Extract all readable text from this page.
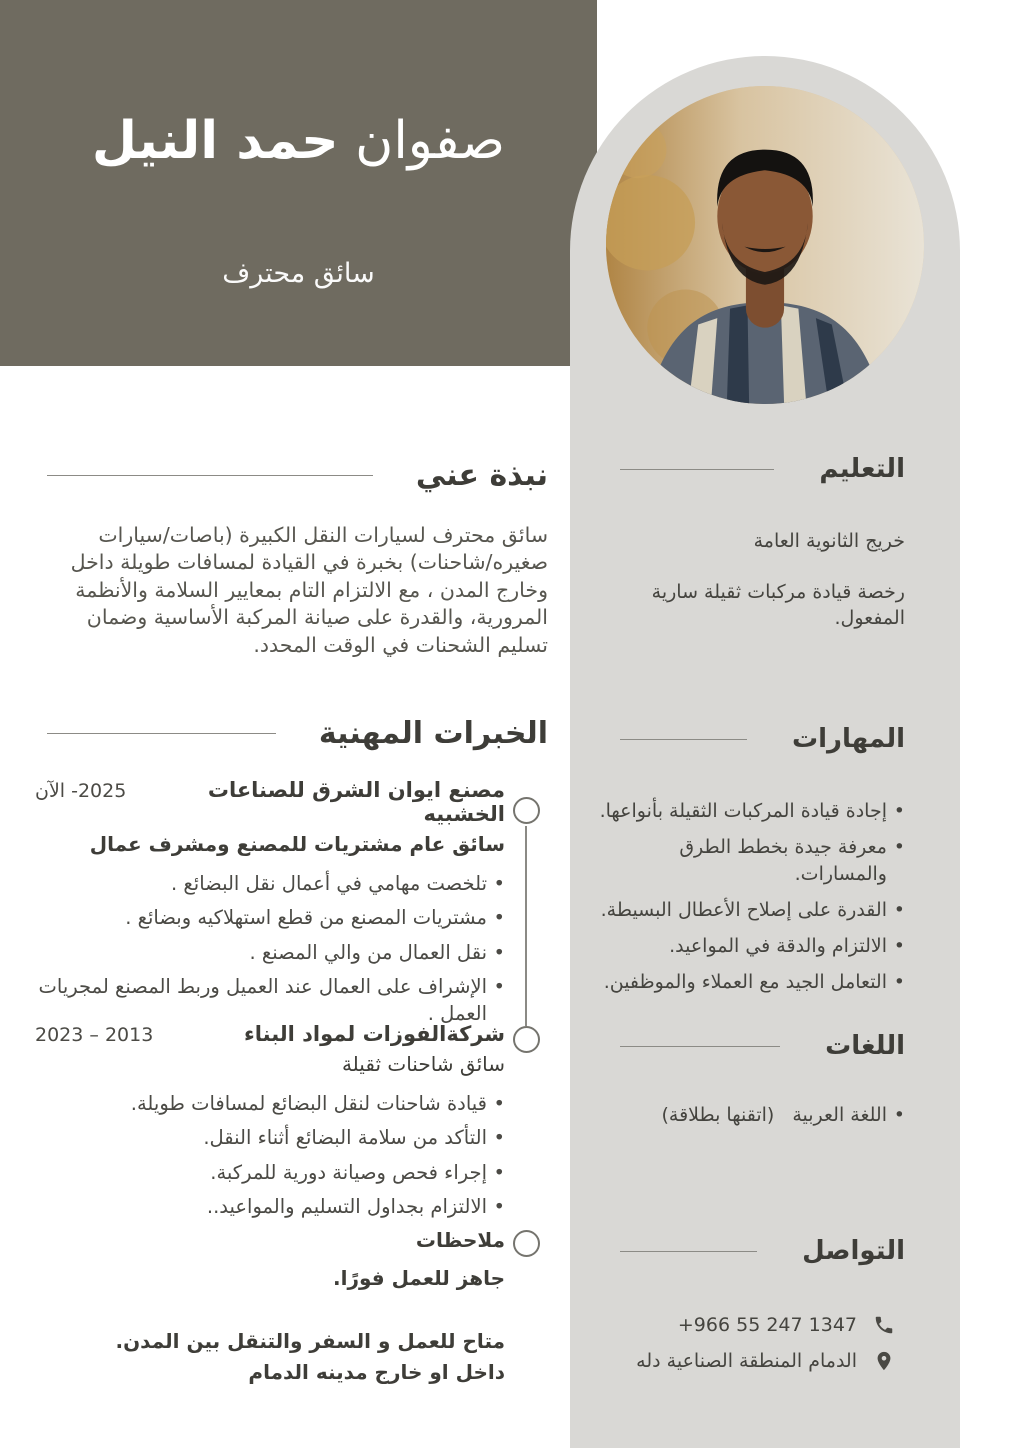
صفوان حمد النيل
سائق محترف
التعليم

خريج الثانوية العامة

رخصة قيادة مركبات ثقيلة سارية المفعول.

المهارات
• إجادة قيادة المركبات الثقيلة بأنواعها.
• معرفة جيدة بخطط الطرق والمسارات.
• القدرة على إصلاح الأعطال البسيطة.
• الالتزام والدقة في المواعيد.
• التعامل الجيد مع العملاء والموظفين.
اللغات
• اللغة العربية
(اتقنها بطلاقة)
التواصل
+966 55 247 1347
الدمام المنطقة الصناعية دله
نبذة عني

سائق محترف لسيارات النقل الكبيرة (باصات/سيارات صغيره/شاحنات) بخبرة في القيادة لمسافات طويلة داخل وخارج المدن ، مع الالتزام التام بمعايير السلامة والأنظمة المرورية، والقدرة على صيانة المركبة الأساسية وضمان تسليم الشحنات في الوقت المحدد.

الخبرات المهنية
مصنع ايوان الشرق للصناعات الخشبيه
2025- الآن
سائق عام مشتريات للمصنع ومشرف عمال
• تلخصت مهامي في أعمال نقل البضائع .
• مشتريات المصنع من قطع استهلاكيه وبضائع .
• نقل العمال من والي المصنع .
• الإشراف على العمال عند العميل وربط المصنع لمجريات العمل .
شركةالفوزات لمواد البناء
2013 – 2023
سائق شاحنات ثقيلة
• قيادة شاحنات لنقل البضائع لمسافات طويلة.
• التأكد من سلامة البضائع أثناء النقل.
• إجراء فحص وصيانة دورية للمركبة.
• الالتزام بجداول التسليم والمواعيد..
ملاحظات
جاهز للعمل فورًا.
متاح للعمل و السفر والتنقل بين المدن.
داخل او خارج مدينه الدمام
